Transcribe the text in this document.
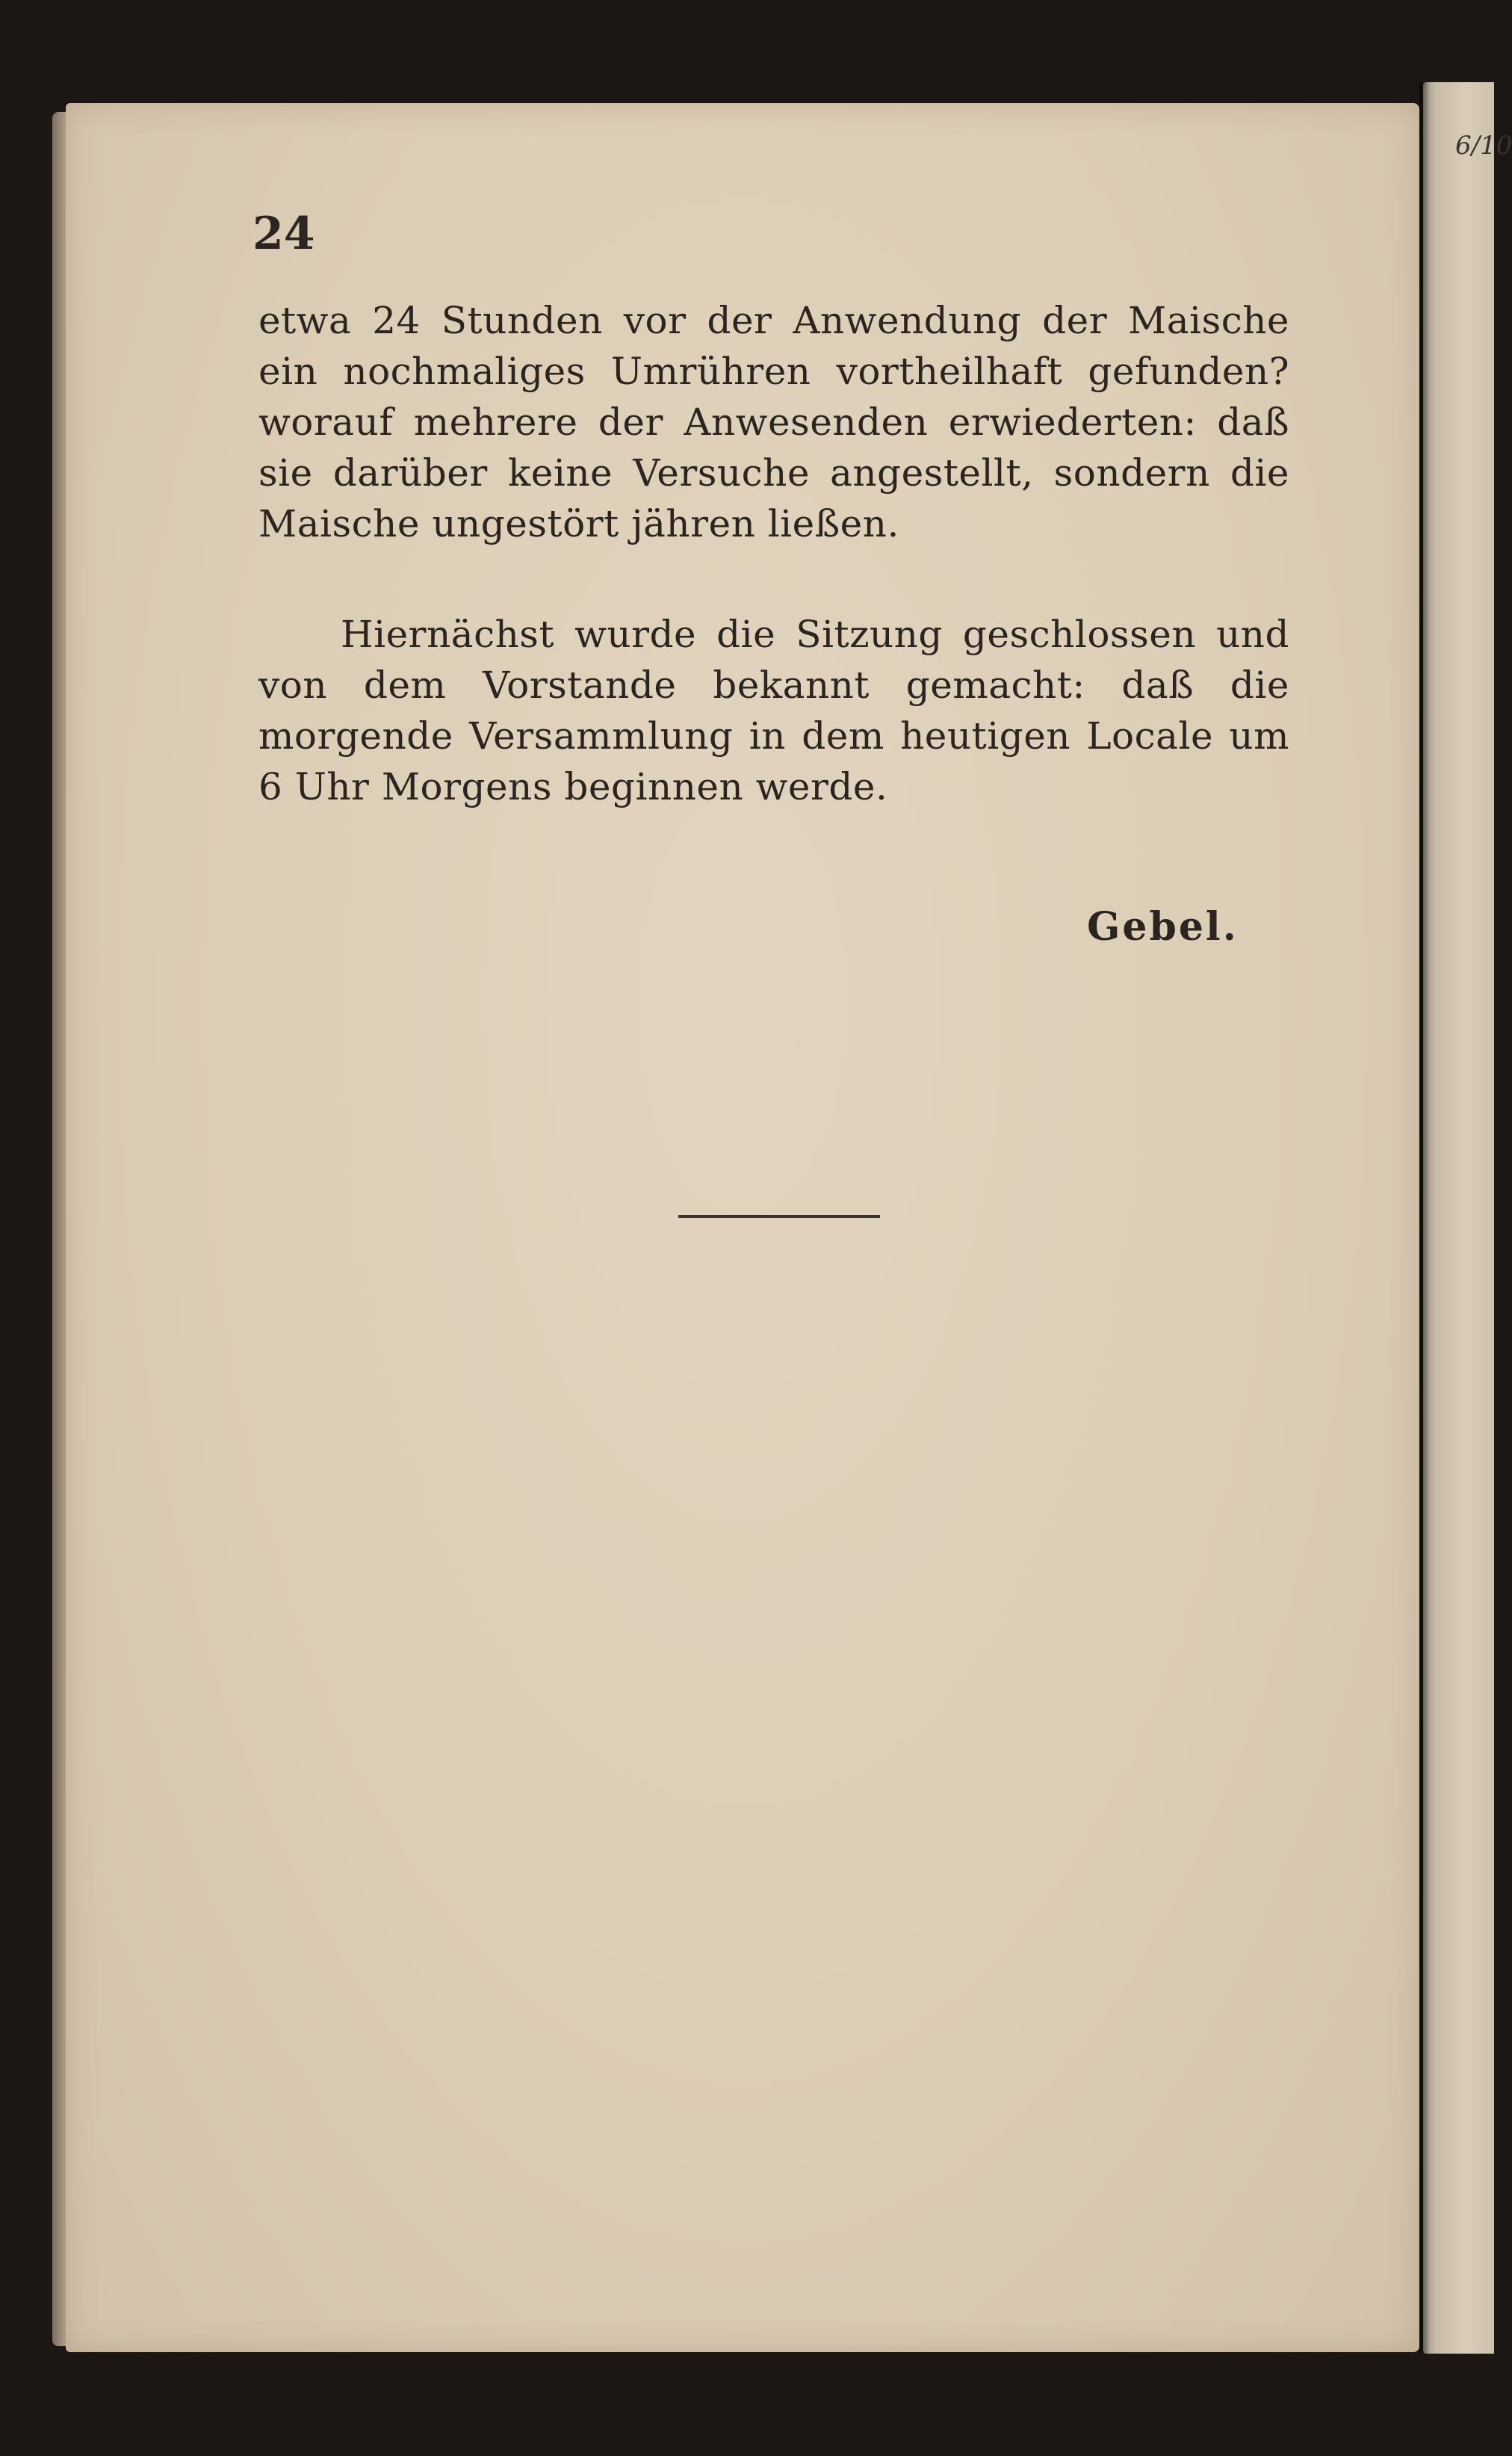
6/10
24
etwa 24 Stunden vor der Anwendung der Maische ein nochmaliges Umrühren vortheilhaft gefunden? worauf mehrere der Anwesenden erwiederten: daß sie darüber keine Versuche angestellt, sondern die Maische ungestört jähren ließen.
Hiernächst wurde die Sitzung geschlossen und von dem Vorstande bekannt gemacht: daß die morgende Versammlung in dem heutigen Locale um 6 Uhr Morgens beginnen werde.
Gebel.
